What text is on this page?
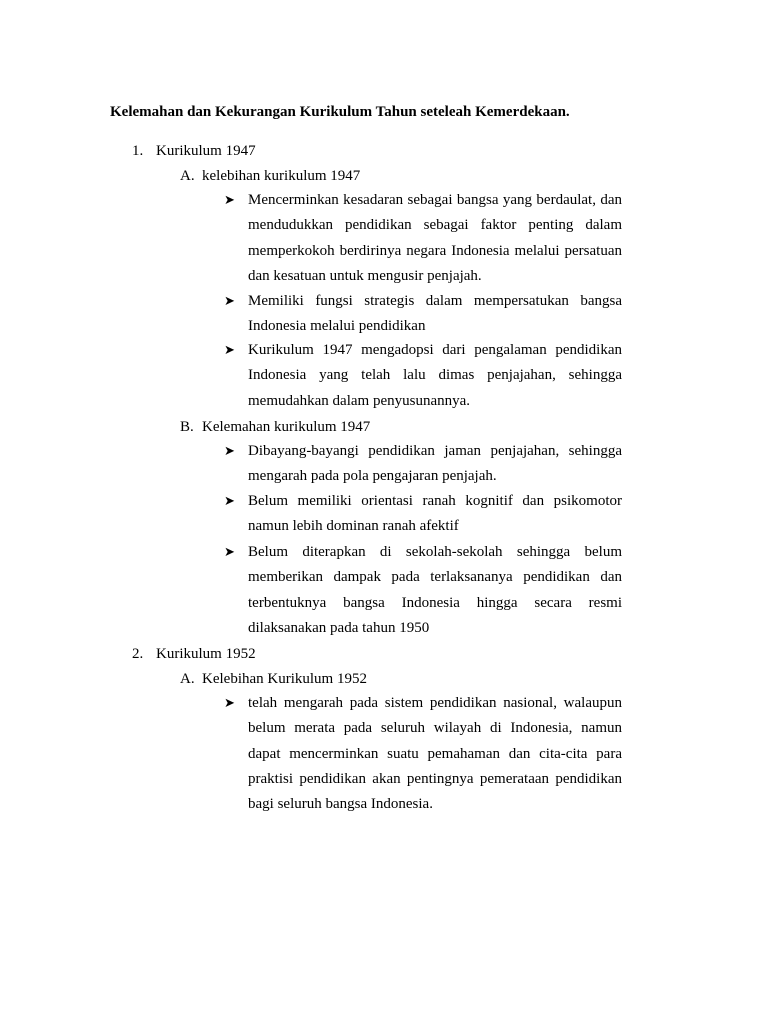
Kelemahan dan Kekurangan Kurikulum Tahun seteleah Kemerdekaan.
1. Kurikulum 1947
A. kelebihan kurikulum 1947
➤ Mencerminkan kesadaran sebagai bangsa yang berdaulat, dan mendudukkan pendidikan sebagai faktor penting dalam memperkokoh berdirinya negara Indonesia melalui persatuan dan kesatuan untuk mengusir penjajah.
➤ Memiliki fungsi strategis dalam mempersatukan bangsa Indonesia melalui pendidikan
➤ Kurikulum 1947 mengadopsi dari pengalaman pendidikan Indonesia yang telah lalu dimas penjajahan, sehingga memudahkan dalam penyusunannya.
B. Kelemahan kurikulum 1947
➤ Dibayang-bayangi pendidikan jaman penjajahan, sehingga mengarah pada pola pengajaran penjajah.
➤ Belum memiliki orientasi ranah kognitif dan psikomotor namun lebih dominan ranah afektif
➤ Belum diterapkan di sekolah-sekolah sehingga belum memberikan dampak pada terlaksananya pendidikan dan terbentuknya bangsa Indonesia hingga secara resmi dilaksanakan pada tahun 1950
2. Kurikulum 1952
A. Kelebihan Kurikulum 1952
➤ telah mengarah pada sistem pendidikan nasional, walaupun belum merata pada seluruh wilayah di Indonesia, namun dapat mencerminkan suatu pemahaman dan cita-cita para praktisi pendidikan akan pentingnya pemerataan pendidikan bagi seluruh bangsa Indonesia.
